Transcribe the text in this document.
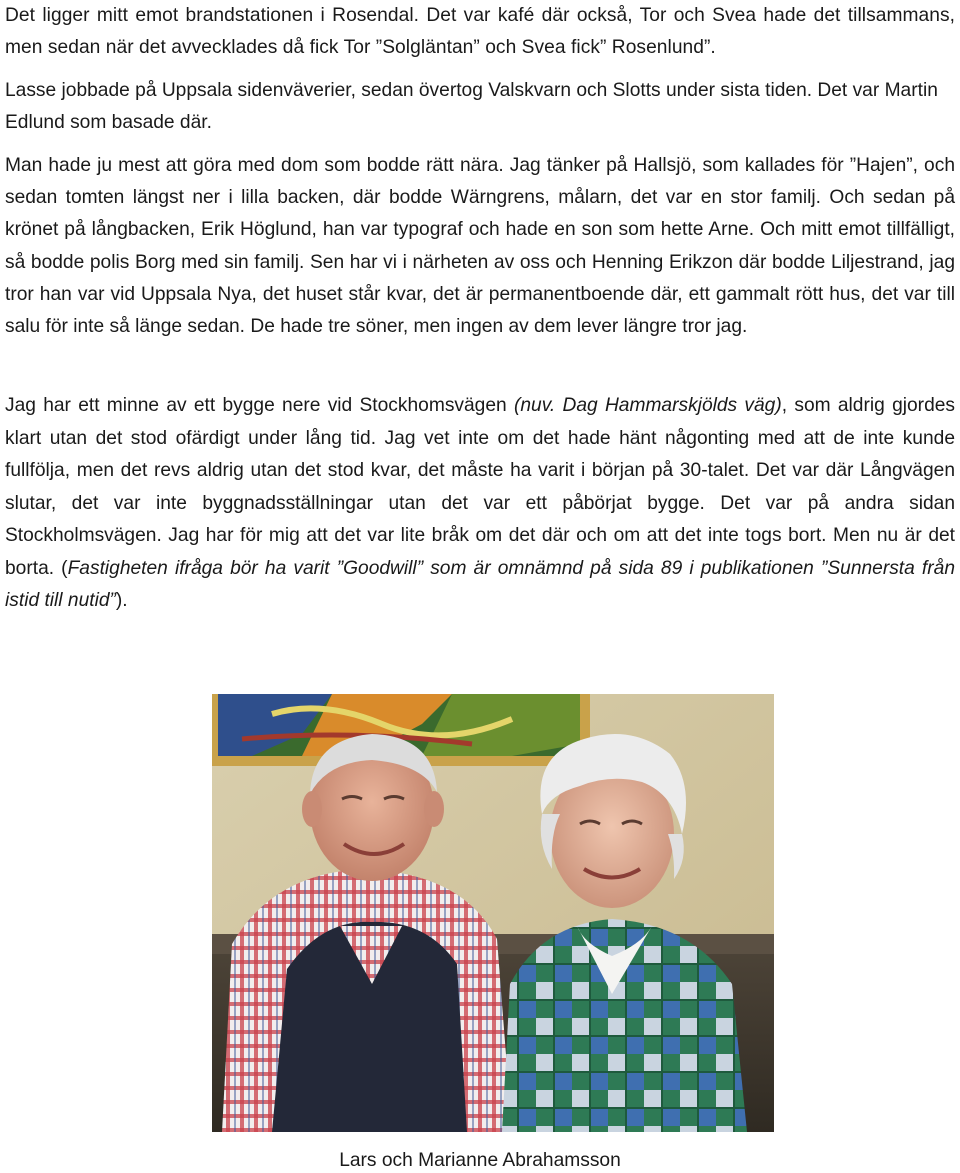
Det ligger mitt emot brandstationen i Rosendal. Det var kafé där också, Tor och Svea hade det tillsammans, men sedan när det avvecklades då fick Tor ”Solgläntan” och Svea fick” Rosenlund”.

Lasse jobbade på Uppsala sidenväverier, sedan övertog Valskvarn och Slotts under sista tiden. Det var Martin Edlund som basade där.

Man hade ju mest att göra med dom som bodde rätt nära. Jag tänker på Hallsjö, som kallades för ”Hajen”, och sedan tomten längst ner i lilla backen, där bodde Wärngrens, målarn, det var en stor familj. Och sedan på krönet på långbacken, Erik Höglund, han var typograf och hade en son som hette Arne. Och mitt emot tillfälligt, så bodde polis Borg med sin familj. Sen har vi i närheten av oss och Henning Erikzon där bodde Liljestrand, jag tror han var vid Uppsala Nya, det huset står kvar, det är permanentboende där, ett gammalt rött hus, det var till salu för inte så länge sedan. De hade tre söner, men ingen av dem lever längre tror jag.

Jag har ett minne av ett bygge nere vid Stockhomsvägen (nuv. Dag Hammarskjölds väg), som aldrig gjordes klart utan det stod ofärdigt under lång tid. Jag vet inte om det hade hänt någonting med att de inte kunde fullfölja, men det revs aldrig utan det stod kvar, det måste ha varit i början på 30-talet. Det var där Långvägen slutar, det var inte byggnadsställningar utan det var ett påbörjat bygge. Det var på andra sidan Stockholmsvägen. Jag har för mig att det var lite bråk om det där och om att det inte togs bort. Men nu är det borta. (Fastigheten ifråga bör ha varit ”Goodwill” som är omnämnd på sida 89 i publikationen ”Sunnersta från istid till nutid”).

Lars och Marianne Abrahamsson
